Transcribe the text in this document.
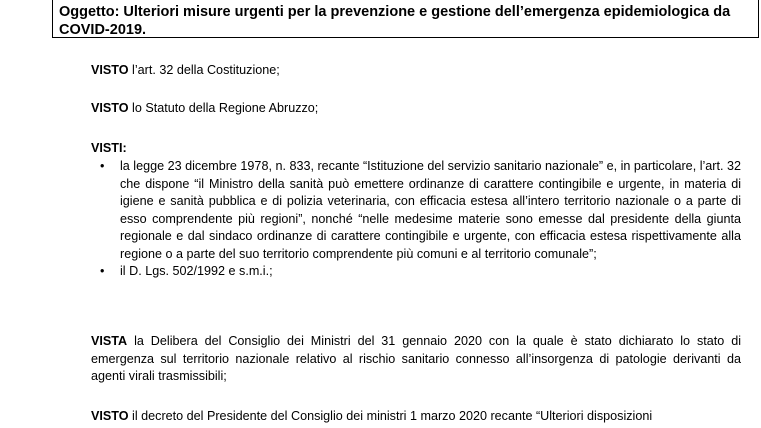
Oggetto: Ulteriori misure urgenti per la prevenzione e gestione dell’emergenza epidemiologica da COVID-2019.

VISTO l’art. 32 della Costituzione;

VISTO lo Statuto della Regione Abruzzo;

VISTI:

• la legge 23 dicembre 1978, n. 833, recante “Istituzione del servizio sanitario nazionale” e, in particolare, l’art. 32 che dispone “il Ministro della sanità può emettere ordinanze di carattere contingibile e urgente, in materia di igiene e sanità pubblica e di polizia veterinaria, con efficacia estesa all’intero territorio nazionale o a parte di esso comprendente più regioni”, nonché “nelle medesime materie sono emesse dal presidente della giunta regionale e dal sindaco ordinanze di carattere contingibile e urgente, con efficacia estesa rispettivamente alla regione o a parte del suo territorio comprendente più comuni e al territorio comunale”;
• il D. Lgs. 502/1992 e s.m.i.;

VISTA la Delibera del Consiglio dei Ministri del 31 gennaio 2020 con la quale è stato dichiarato lo stato di emergenza sul territorio nazionale relativo al rischio sanitario connesso all’insorgenza di patologie derivanti da agenti virali trasmissibili;

VISTO il decreto del Presidente del Consiglio dei ministri 1 marzo 2020 recante “Ulteriori disposizioni
